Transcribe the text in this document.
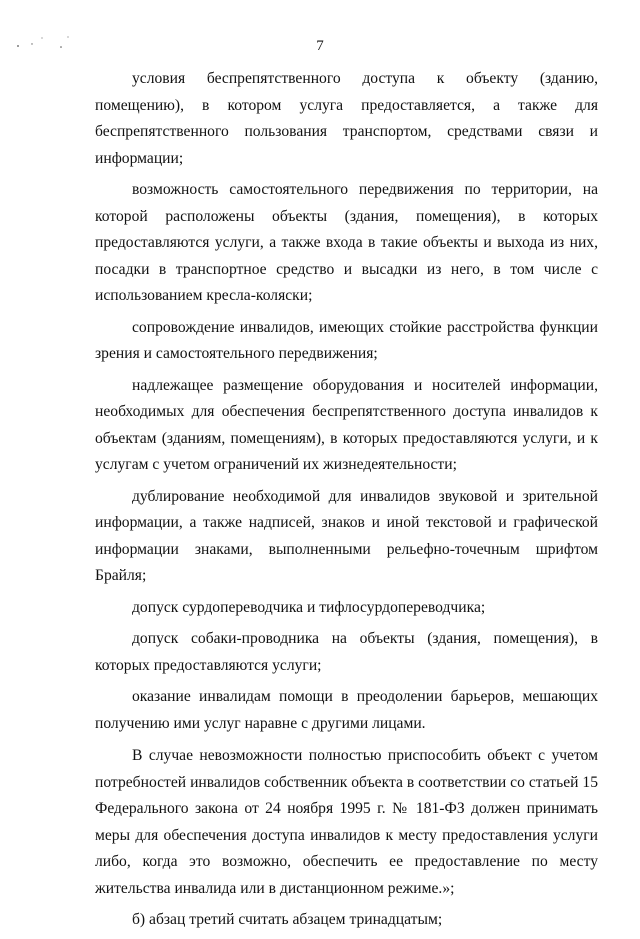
7

условия беспрепятственного доступа к объекту (зданию, помещению), в котором услуга предоставляется, а также для беспрепятственного пользования транспортом, средствами связи и информации;

возможность самостоятельного передвижения по территории, на которой расположены объекты (здания, помещения), в которых предоставляются услуги, а также входа в такие объекты и выхода из них, посадки в транспортное средство и высадки из него, в том числе с использованием кресла-коляски;

сопровождение инвалидов, имеющих стойкие расстройства функции зрения и самостоятельного передвижения;

надлежащее размещение оборудования и носителей информации, необходимых для обеспечения беспрепятственного доступа инвалидов к объектам (зданиям, помещениям), в которых предоставляются услуги, и к услугам с учетом ограничений их жизнедеятельности;

дублирование необходимой для инвалидов звуковой и зрительной информации, а также надписей, знаков и иной текстовой и графической информации знаками, выполненными рельефно-точечным шрифтом Брайля;

допуск сурдопереводчика и тифлосурдопереводчика;

допуск собаки-проводника на объекты (здания, помещения), в которых предоставляются услуги;

оказание инвалидам помощи в преодолении барьеров, мешающих получению ими услуг наравне с другими лицами.

В случае невозможности полностью приспособить объект с учетом потребностей инвалидов собственник объекта в соответствии со статьей 15 Федерального закона от 24 ноября 1995 г. № 181-ФЗ должен принимать меры для обеспечения доступа инвалидов к месту предоставления услуги либо, когда это возможно, обеспечить ее предоставление по месту жительства инвалида или в дистанционном режиме.»;

б) абзац третий считать абзацем тринадцатым;
